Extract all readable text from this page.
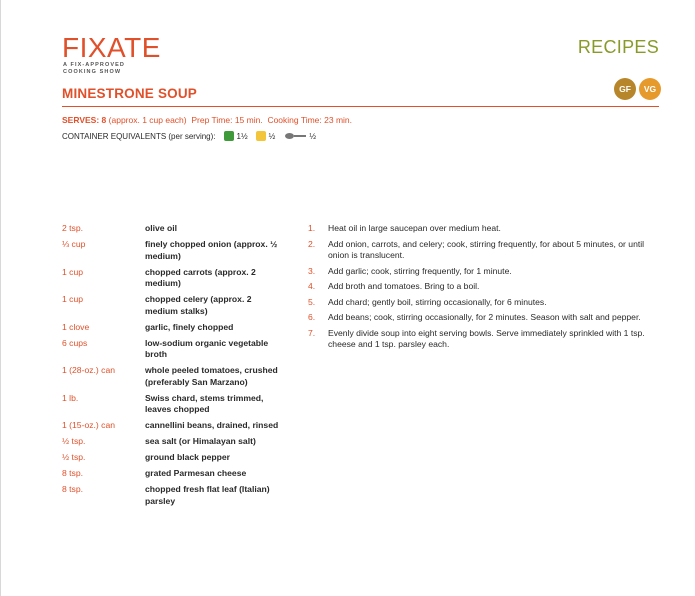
FIXATE
A FIX-APPROVED
COOKING SHOW
RECIPES
GF	VG
MINESTRONE SOUP
SERVES: 8 (approx. 1 cup each) Prep Time: 15 min. Cooking Time: 23 min.
CONTAINER EQUIVALENTS (per serving):	1½	½	½
2 tsp.	olive oil
⅓ cup	finely chopped onion (approx. ½ medium)
1 cup	chopped carrots (approx. 2 medium)
1 cup	chopped celery (approx. 2 medium stalks)
1 clove	garlic, finely chopped
6 cups	low-sodium organic vegetable broth
1 (28-oz.) can	whole peeled tomatoes, crushed (preferably San Marzano)
1 lb.	Swiss chard, stems trimmed, leaves chopped
1 (15-oz.) can	cannellini beans, drained, rinsed
½ tsp.	sea salt (or Himalayan salt)
½ tsp.	ground black pepper
8 tsp.	grated Parmesan cheese
8 tsp.	chopped fresh flat leaf (Italian) parsley
1.	Heat oil in large saucepan over medium heat.
2.	Add onion, carrots, and celery; cook, stirring frequently, for about 5 minutes, or until onion is translucent.
3.	Add garlic; cook, stirring frequently, for 1 minute.
4.	Add broth and tomatoes. Bring to a boil.
5.	Add chard; gently boil, stirring occasionally, for 6 minutes.
6.	Add beans; cook, stirring occasionally, for 2 minutes. Season with salt and pepper.
7.	Evenly divide soup into eight serving bowls. Serve immediately sprinkled with 1 tsp. cheese and 1 tsp. parsley each.
